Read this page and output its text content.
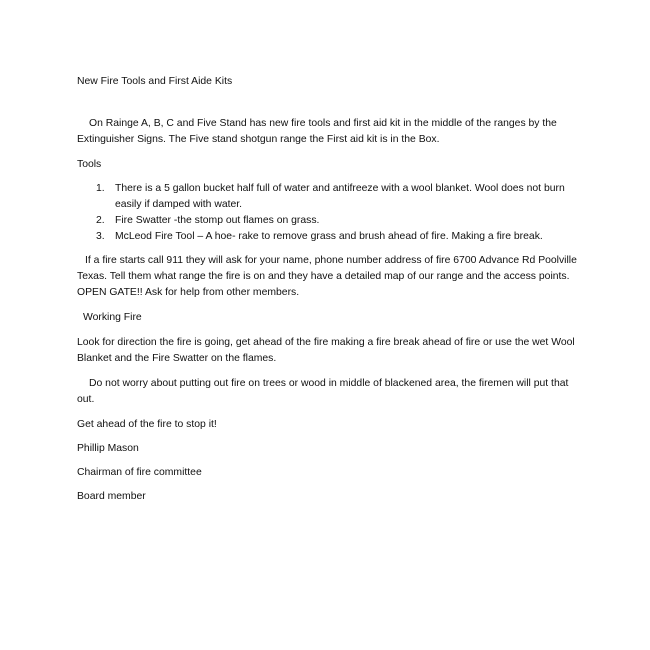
New Fire Tools and First Aide Kits

On Rainge A, B, C and Five Stand has new fire tools and first aid kit in the middle of the ranges by the Extinguisher Signs. The Five stand shotgun range the First aid kit is in the Box.

Tools

1. There is a 5 gallon bucket half full of water and antifreeze with a wool blanket. Wool does not burn easily if damped with water.
2. Fire Swatter -the stomp out flames on grass.
3. McLeod Fire Tool – A hoe- rake to remove grass and brush ahead of fire. Making a fire break.

If a fire starts call 911 they will ask for your name, phone number address of fire 6700 Advance Rd Poolville Texas. Tell them what range the fire is on and they have a detailed map of our range and the access points. OPEN GATE!! Ask for help from other members.

Working Fire

Look for direction the fire is going, get ahead of the fire making a fire break ahead of fire or use the wet Wool Blanket and the Fire Swatter on the flames.

Do not worry about putting out fire on trees or wood in middle of blackened area, the firemen will put that out.

Get ahead of the fire to stop it!

Phillip Mason

Chairman of fire committee

Board member
